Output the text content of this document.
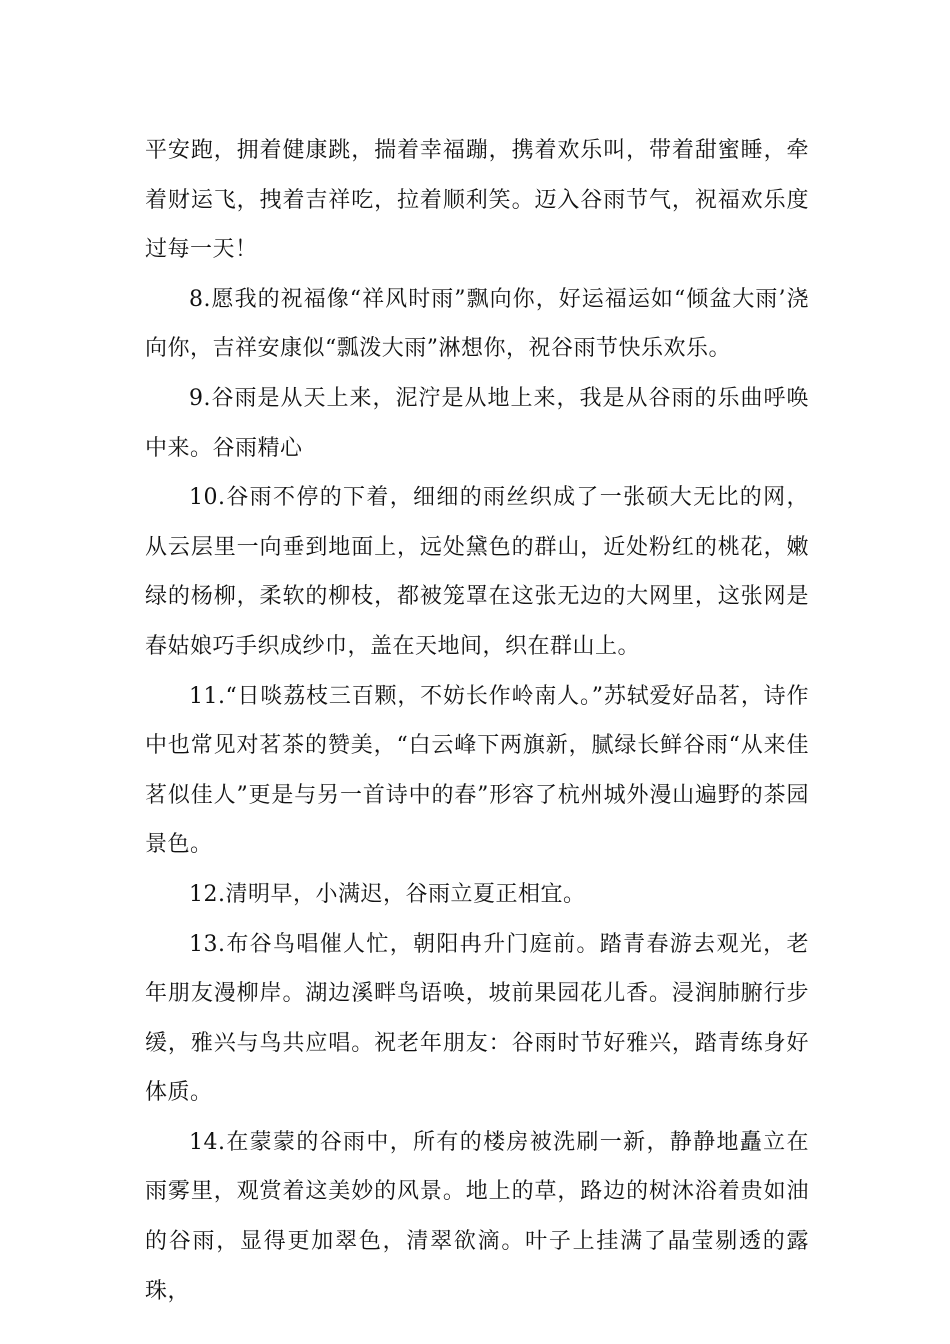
平安跑，拥着健康跳，揣着幸福蹦，携着欢乐叫，带着甜蜜睡，牵着财运飞，拽着吉祥吃，拉着顺利笑。迈入谷雨节气，祝福欢乐度过每一天！

8.愿我的祝福像“祥风时雨”飘向你，好运福运如“倾盆大雨’浇向你，吉祥安康似“瓢泼大雨”淋想你，祝谷雨节快乐欢乐。

9.谷雨是从天上来，泥泞是从地上来，我是从谷雨的乐曲呼唤中来。谷雨精心

10.谷雨不停的下着，细细的雨丝织成了一张硕大无比的网，从云层里一向垂到地面上，远处黛色的群山，近处粉红的桃花，嫩绿的杨柳，柔软的柳枝，都被笼罩在这张无边的大网里，这张网是春姑娘巧手织成纱巾，盖在天地间，织在群山上。

11.“日啖荔枝三百颗，不妨长作岭南人。”苏轼爱好品茗，诗作中也常见对茗茶的赞美，“白云峰下两旗新，腻绿长鲜谷雨“从来佳茗似佳人”更是与另一首诗中的春”形容了杭州城外漫山遍野的茶园景色。

12.清明早，小满迟，谷雨立夏正相宜。

13.布谷鸟唱催人忙，朝阳冉升门庭前。踏青春游去观光，老年朋友漫柳岸。湖边溪畔鸟语唤，坡前果园花儿香。浸润肺腑行步缓，雅兴与鸟共应唱。祝老年朋友：谷雨时节好雅兴，踏青练身好体质。

14.在蒙蒙的谷雨中，所有的楼房被洗刷一新，静静地矗立在雨雾里，观赏着这美妙的风景。地上的草，路边的树沐浴着贵如油的谷雨，显得更加翠色，清翠欲滴。叶子上挂满了晶莹剔透的露珠，
